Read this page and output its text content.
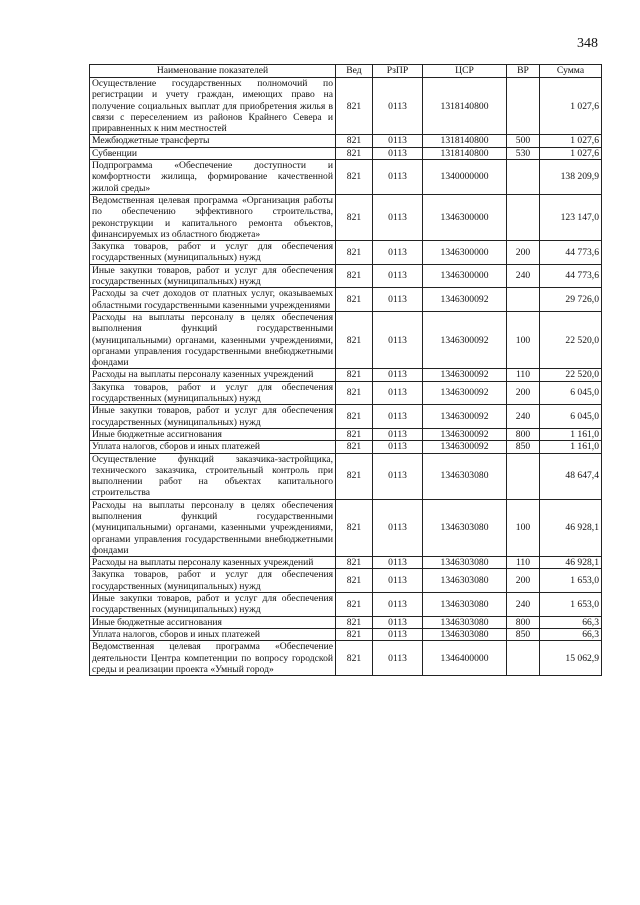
348
Наименование показателей	Вед	РзПР	ЦСР	ВР	Сумма
Осуществление государственных полномочий по регистрации и учету граждан, имеющих право на получение социальных выплат для приобретения жилья в связи с переселением из районов Крайнего Севера и приравненных к ним местностей	821	0113	1318140800		1 027,6
Межбюджетные трансферты	821	0113	1318140800	500	1 027,6
Субвенции	821	0113	1318140800	530	1 027,6
Подпрограмма «Обеспечение доступности и комфортности жилища, формирование качественной жилой среды»	821	0113	1340000000		138 209,9
Ведомственная целевая программа «Организация работы по обеспечению эффективного строительства, реконструкции и капитального ремонта объектов, финансируемых из областного бюджета»	821	0113	1346300000		123 147,0
Закупка товаров, работ и услуг для обеспечения государственных (муниципальных) нужд	821	0113	1346300000	200	44 773,6
Иные закупки товаров, работ и услуг для обеспечения государственных (муниципальных) нужд	821	0113	1346300000	240	44 773,6
Расходы за счет доходов от платных услуг, оказываемых областными государственными казенными учреждениями	821	0113	1346300092		29 726,0
Расходы на выплаты персоналу в целях обеспечения выполнения функций государственными (муниципальными) органами, казенными учреждениями, органами управления государственными внебюджетными фондами	821	0113	1346300092	100	22 520,0
Расходы на выплаты персоналу казенных учреждений	821	0113	1346300092	110	22 520,0
Закупка товаров, работ и услуг для обеспечения государственных (муниципальных) нужд	821	0113	1346300092	200	6 045,0
Иные закупки товаров, работ и услуг для обеспечения государственных (муниципальных) нужд	821	0113	1346300092	240	6 045,0
Иные бюджетные ассигнования	821	0113	1346300092	800	1 161,0
Уплата налогов, сборов и иных платежей	821	0113	1346300092	850	1 161,0
Осуществление функций заказчика-застройщика, технического заказчика, строительный контроль при выполнении работ на объектах капитального строительства	821	0113	1346303080		48 647,4
Расходы на выплаты персоналу в целях обеспечения выполнения функций государственными (муниципальными) органами, казенными учреждениями, органами управления государственными внебюджетными фондами	821	0113	1346303080	100	46 928,1
Расходы на выплаты персоналу казенных учреждений	821	0113	1346303080	110	46 928,1
Закупка товаров, работ и услуг для обеспечения государственных (муниципальных) нужд	821	0113	1346303080	200	1 653,0
Иные закупки товаров, работ и услуг для обеспечения государственных (муниципальных) нужд	821	0113	1346303080	240	1 653,0
Иные бюджетные ассигнования	821	0113	1346303080	800	66,3
Уплата налогов, сборов и иных платежей	821	0113	1346303080	850	66,3
Ведомственная целевая программа «Обеспечение деятельности Центра компетенции по вопросу городской среды и реализации проекта «Умный город»	821	0113	1346400000		15 062,9
